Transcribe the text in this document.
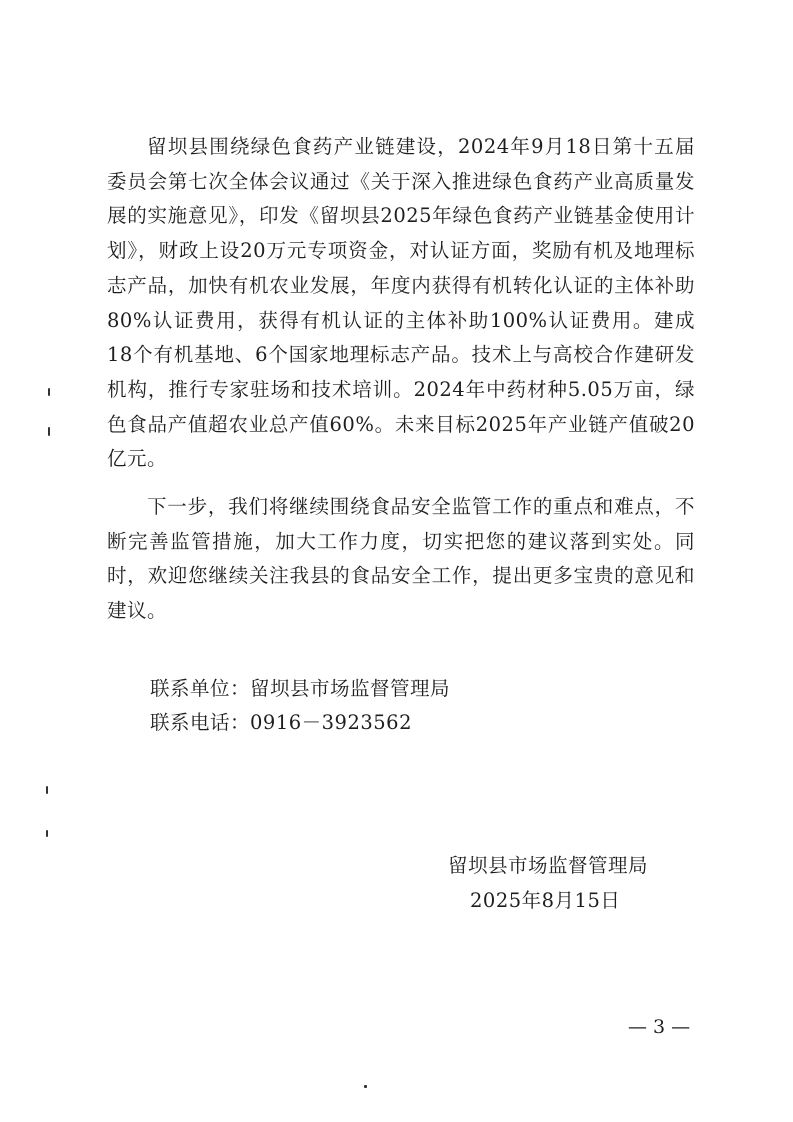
留坝县围绕绿色食药产业链建设，2024年9月18日第十五届委员会第七次全体会议通过《关于深入推进绿色食药产业高质量发展的实施意见》，印发《留坝县2025年绿色食药产业链基金使用计划》，财政上设20万元专项资金，对认证方面，奖励有机及地理标志产品，加快有机农业发展，年度内获得有机转化认证的主体补助80%认证费用，获得有机认证的主体补助100%认证费用。建成18个有机基地、6个国家地理标志产品。技术上与高校合作建研发机构，推行专家驻场和技术培训。2024年中药材种5.05万亩，绿色食品产值超农业总产值60%。未来目标2025年产业链产值破20亿元。

下一步，我们将继续围绕食品安全监管工作的重点和难点，不断完善监管措施，加大工作力度，切实把您的建议落到实处。同时，欢迎您继续关注我县的食品安全工作，提出更多宝贵的意见和建议。

联系单位：留坝县市场监督管理局

联系电话：0916－3923562

留坝县市场监督管理局

2025年8月15日

— 3 —
